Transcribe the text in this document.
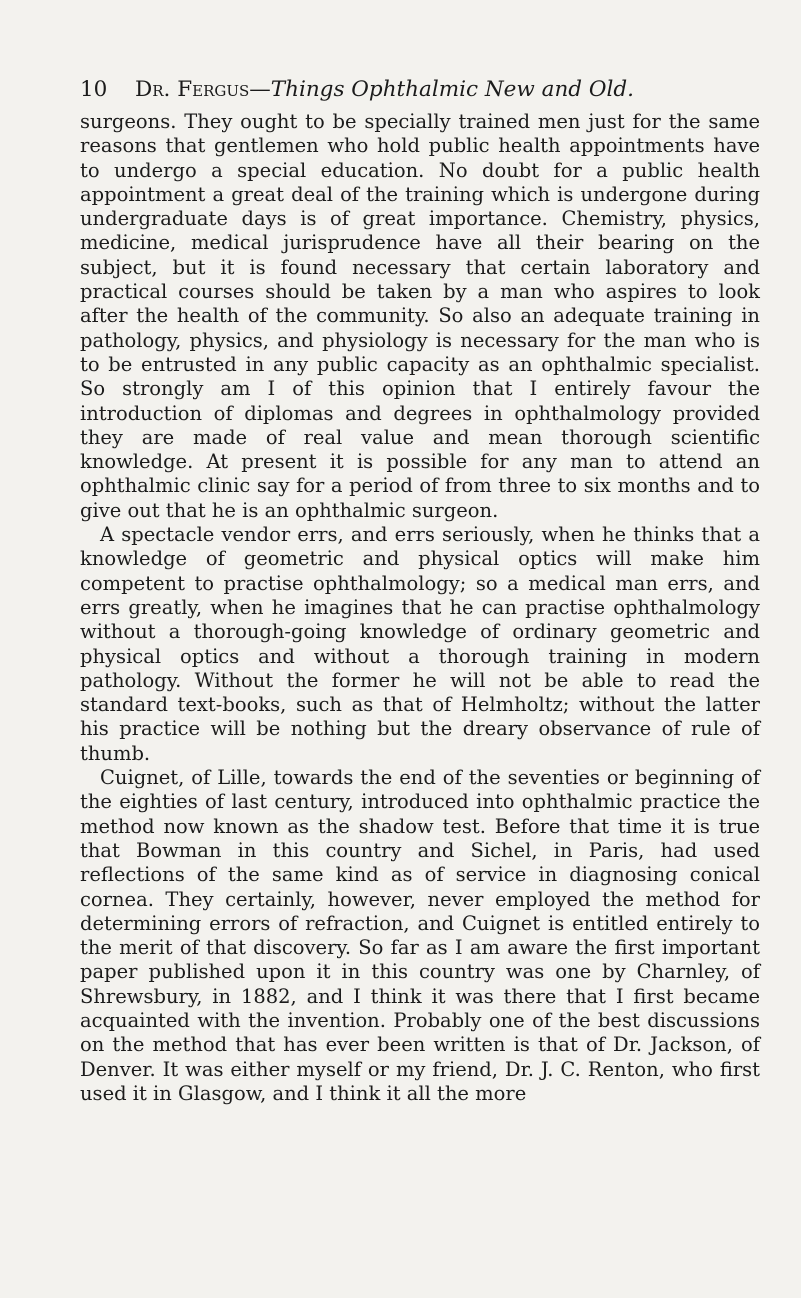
10 Dr. Fergus—Things Ophthalmic New and Old.

surgeons. They ought to be specially trained men just for the same reasons that gentlemen who hold public health appointments have to undergo a special education. No doubt for a public health appointment a great deal of the training which is undergone during undergraduate days is of great importance. Chemistry, physics, medicine, medical jurisprudence have all their bearing on the subject, but it is found necessary that certain laboratory and practical courses should be taken by a man who aspires to look after the health of the community. So also an adequate training in pathology, physics, and physiology is necessary for the man who is to be entrusted in any public capacity as an ophthalmic specialist. So strongly am I of this opinion that I entirely favour the introduction of diplomas and degrees in ophthalmology provided they are made of real value and mean thorough scientific knowledge. At present it is possible for any man to attend an ophthalmic clinic say for a period of from three to six months and to give out that he is an ophthalmic surgeon.

A spectacle vendor errs, and errs seriously, when he thinks that a knowledge of geometric and physical optics will make him competent to practise ophthalmology; so a medical man errs, and errs greatly, when he imagines that he can practise ophthalmology without a thorough-going knowledge of ordinary geometric and physical optics and without a thorough training in modern pathology. Without the former he will not be able to read the standard text-books, such as that of Helmholtz; without the latter his practice will be nothing but the dreary observance of rule of thumb.

Cuignet, of Lille, towards the end of the seventies or beginning of the eighties of last century, introduced into ophthalmic practice the method now known as the shadow test. Before that time it is true that Bowman in this country and Sichel, in Paris, had used reflections of the same kind as of service in diagnosing conical cornea. They certainly, however, never employed the method for determining errors of refraction, and Cuignet is entitled entirely to the merit of that discovery. So far as I am aware the first important paper published upon it in this country was one by Charnley, of Shrewsbury, in 1882, and I think it was there that I first became acquainted with the invention. Probably one of the best discussions on the method that has ever been written is that of Dr. Jackson, of Denver. It was either myself or my friend, Dr. J. C. Renton, who first used it in Glasgow, and I think it all the more
